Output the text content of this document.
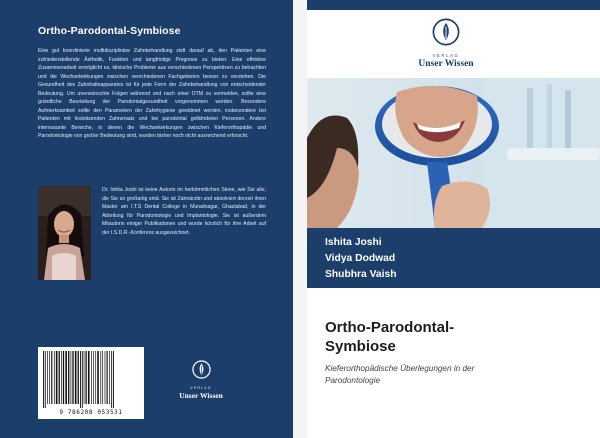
Ortho-Parodontal-Symbiose
Eine gut koordinierte multidisziplinäre Zahnbehandlung zielt darauf ab, den Patienten eine zufriedenstellende Ästhetik, Funktion und langfristige Prognose zu bieten. Eine effektive Zusammenarbeit ermöglicht es, klinische Probleme aus verschiedenen Perspektiven zu betrachten und die Wechselwirkungen zwischen verschiedenen Fachgebieten besser zu verstehen. Die Gesundheit des Zahnhalteapparates ist für jede Form der Zahnbehandlung von entscheidender Bedeutung. Um unerwünschte Folgen während und nach einer OTM zu vermeiden, sollte eine gründliche Beurteilung der Parodontalgesundheit vorgenommen werden. Besondere Aufmerksamkeit sollte den Parametern der Zahnhygiene gewidmet werden, insbesondere bei Patienten mit festsitzenden Zahnersatz und bei parodontal gefährdeten Personen. Andere interessante Bereiche, in denen die Wechselwirkungen zwischen Kieferorthopädie und Parodontologie von großer Bedeutung sind, wurden bisher noch nicht ausreichend erforscht.
Dr. Ishita Joshi ist keine Autorin im herkömmlichen Sinne, wie Sie alle, die Sie so großartig sind. Sie ist Zahnärztin und absolviert derzeit ihren Master am I.T.S Dental College in Muradnagar, Ghaziabad, in der Abteilung für Parodontologie und Implantologie. Sie ist außerdem Mitautorin einiger Publikationen und wurde kürzlich für ihre Arbeit auf der I.S.D.R.-Konferenz ausgezeichnet.
9 786208 053531
VERLAG
Unser Wissen
VERLAG
Unser Wissen
Ishita Joshi
Vidya Dodwad
Shubhra Vaish
Ortho-Parodontal-
Symbiose
Kieferorthopädische Überlegungen in der
Parodontologie
